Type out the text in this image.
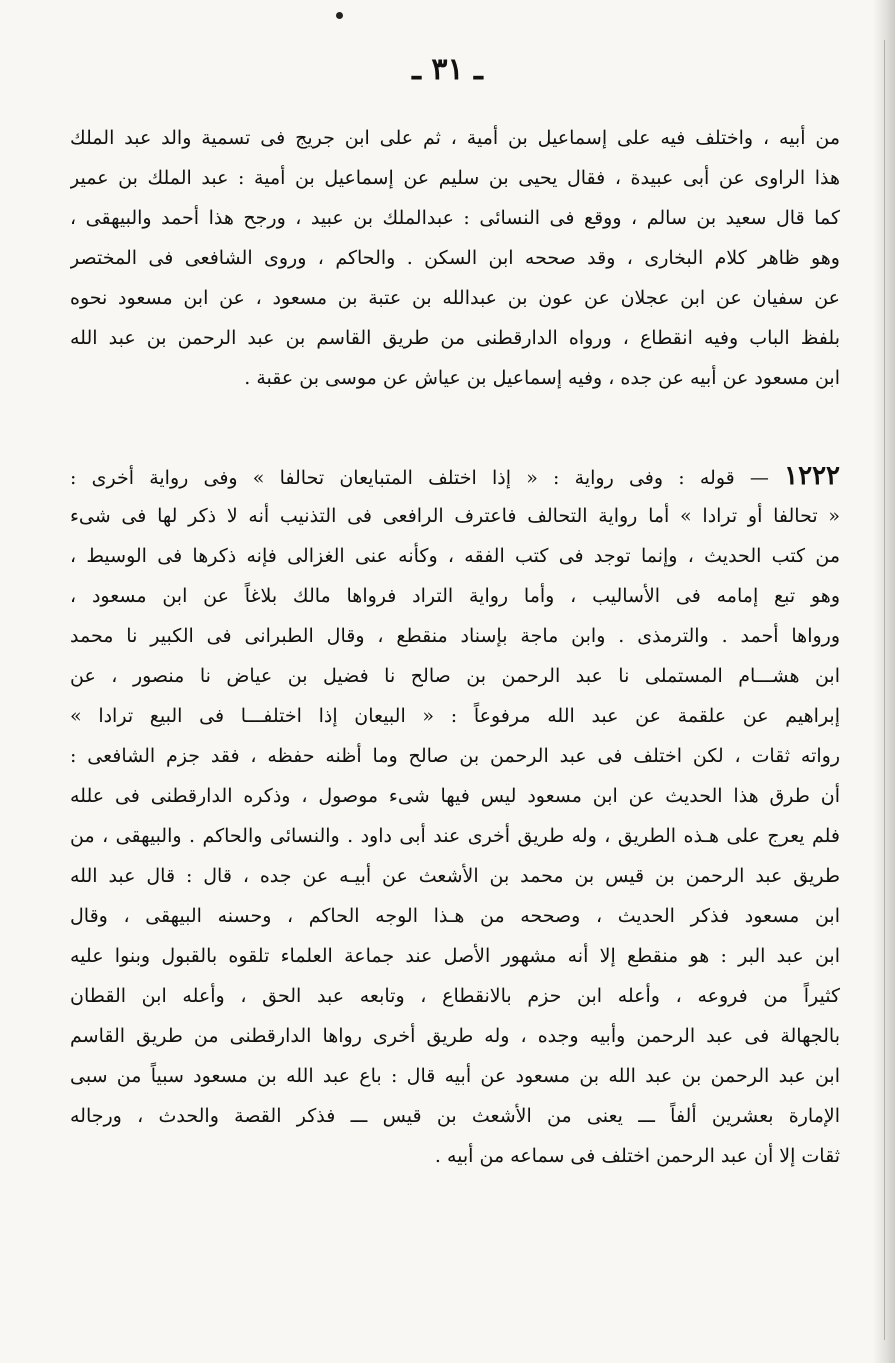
ـ ٣١ ـ
من أبيه ، واختلف فيه على إسماعيل بن أمية ، ثم على ابن جريج فى تسمية والد عبد الملك
هذا الراوى عن أبى عبيدة ، فقال يحيى بن سليم عن إسماعيل بن أمية : عبد الملك بن عمير
كما قال سعيد بن سالم ، ووقع فى النسائى : عبدالملك بن عبيد ، ورجح هذا أحمد والبيهقى ،
وهو ظاهر كلام البخارى ، وقد صححه ابن السكن . والحاكم ، وروى الشافعى فى المختصر
عن سفيان عن ابن عجلان عن عون بن عبدالله بن عتبة بن مسعود ، عن ابن مسعود نحوه
بلفظ الباب وفيه انقطاع ، ورواه الدارقطنى من طريق القاسم بن عبد الرحمن بن عبد الله
ابن مسعود عن أبيه عن جده ، وفيه إسماعيل بن عياش عن موسى بن عقبة .
١٢٢٢ — قوله : وفى رواية : « إذا اختلف المتبايعان تحالفا » وفى رواية أخرى :
« تحالفا أو ترادا » أما رواية التحالف فاعترف الرافعى فى التذنيب أنه لا ذكر لها فى شىء
من كتب الحديث ، وإنما توجد فى كتب الفقه ، وكأنه عنى الغزالى فإنه ذكرها فى الوسيط ،
وهو تبع إمامه فى الأساليب ، وأما رواية التراد فرواها مالك بلاغاً عن ابن مسعود ،
ورواها أحمد . والترمذى . وابن ماجة بإسناد منقطع ، وقال الطبرانى فى الكبير نا محمد
ابن هشـــام المستملى نا عبد الرحمن بن صالح نا فضيل بن عياض نا منصور ، عن
إبراهيم عن علقمة عن عبد الله مرفوعاً : « البيعان إذا اختلفـــا فى البيع ترادا »
رواته ثقات ، لكن اختلف فى عبد الرحمن بن صالح وما أظنه حفظه ، فقد جزم الشافعى :
أن طرق هذا الحديث عن ابن مسعود ليس فيها شىء موصول ، وذكره الدارقطنى فى علله
فلم يعرج على هـذه الطريق ، وله طريق أخرى عند أبى داود . والنسائى والحاكم . والبيهقى ، من
طريق عبد الرحمن بن قيس بن محمد بن الأشعث عن أبيـه عن جده ، قال : قال عبد الله
ابن مسعود فذكر الحديث ، وصححه من هـذا الوجه الحاكم ، وحسنه البيهقى ، وقال
ابن عبد البر : هو منقطع إلا أنه مشهور الأصل عند جماعة العلماء تلقوه بالقبول وبنوا عليه
كثيراً من فروعه ، وأعله ابن حزم بالانقطاع ، وتابعه عبد الحق ، وأعله ابن القطان
بالجهالة فى عبد الرحمن وأبيه وجده ، وله طريق أخرى رواها الدارقطنى من طريق القاسم
ابن عبد الرحمن بن عبد الله بن مسعود عن أبيه قال : باع عبد الله بن مسعود سبياً من سبى
الإمارة بعشرين ألفاً ـــ يعنى من الأشعث بن قيس ـــ فذكر القصة والحدث ، ورجاله
ثقات إلا أن عبد الرحمن اختلف فى سماعه من أبيه .
